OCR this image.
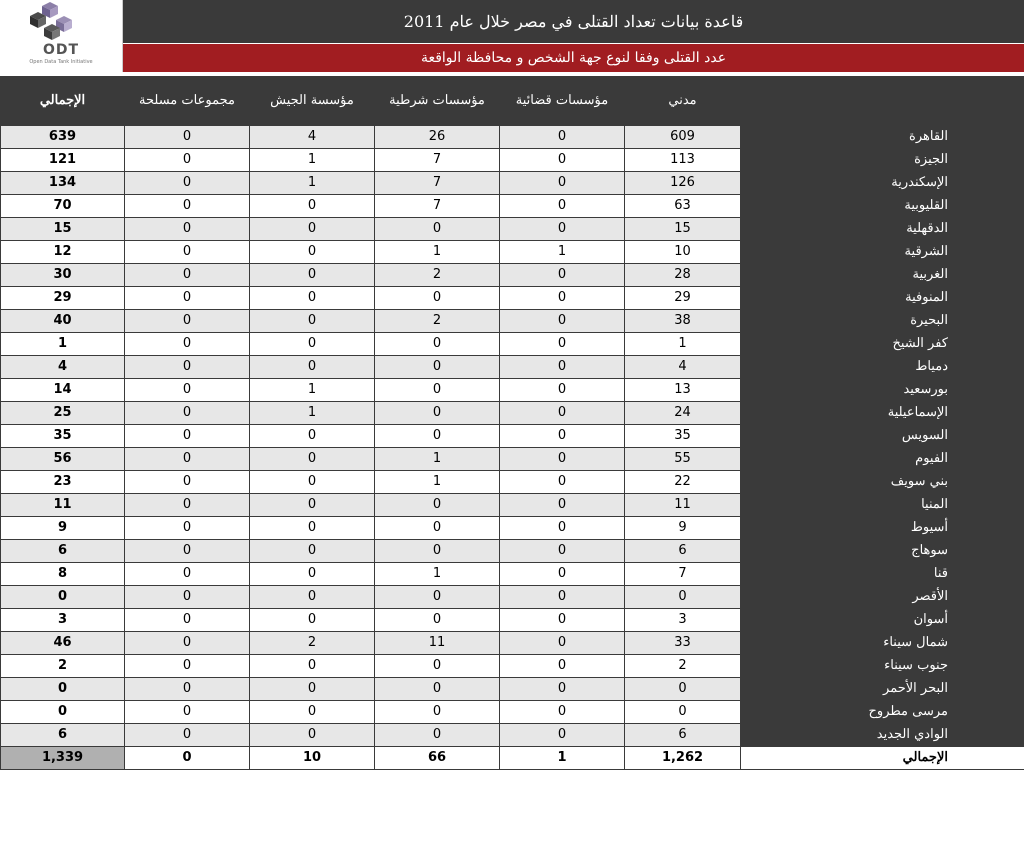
ODT
Open Data Tank Initiative
قاعدة بيانات تعداد القتلى في مصر خلال عام 2011
عدد القتلى وفقا لنوع جهة الشخص و محافظة الواقعة
الإجمالي	مجموعات مسلحة	مؤسسة الجيش	مؤسسات شرطية	مؤسسات قضائية	مدني	
639	0	4	26	0	609	القاهرة
121	0	1	7	0	113	الجيزة
134	0	1	7	0	126	الإسكندرية
70	0	0	7	0	63	القليوبية
15	0	0	0	0	15	الدقهلية
12	0	0	1	1	10	الشرقية
30	0	0	2	0	28	الغربية
29	0	0	0	0	29	المنوفية
40	0	0	2	0	38	البحيرة
1	0	0	0	0	1	كفر الشيخ
4	0	0	0	0	4	دمياط
14	0	1	0	0	13	بورسعيد
25	0	1	0	0	24	الإسماعيلية
35	0	0	0	0	35	السويس
56	0	0	1	0	55	الفيوم
23	0	0	1	0	22	بني سويف
11	0	0	0	0	11	المنيا
9	0	0	0	0	9	أسيوط
6	0	0	0	0	6	سوهاج
8	0	0	1	0	7	قنا
0	0	0	0	0	0	الأقصر
3	0	0	0	0	3	أسوان
46	0	2	11	0	33	شمال سيناء
2	0	0	0	0	2	جنوب سيناء
0	0	0	0	0	0	البحر الأحمر
0	0	0	0	0	0	مرسى مطروح
6	0	0	0	0	6	الوادي الجديد
1,339	0	10	66	1	1,262	الإجمالي
